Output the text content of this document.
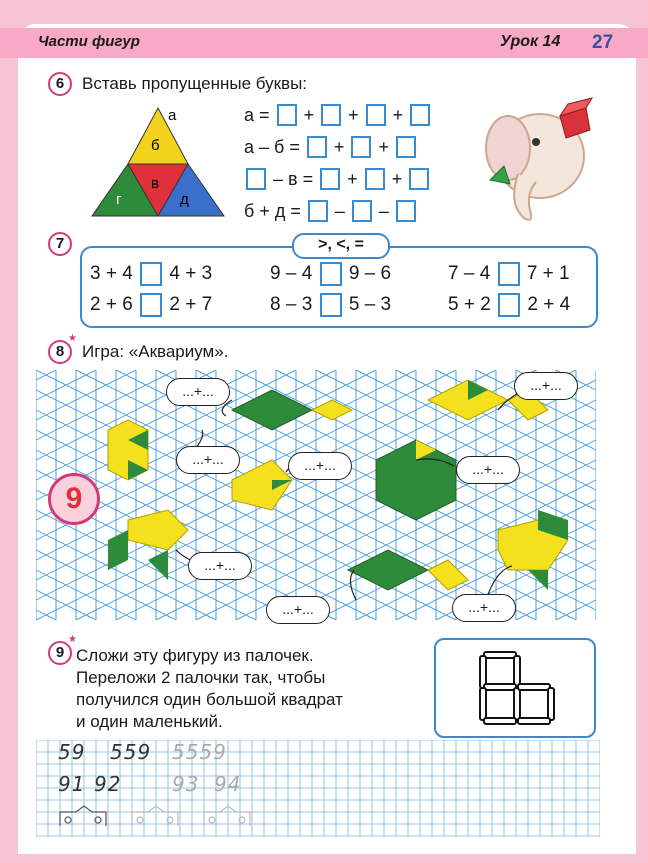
Части фигур	Урок 14 27
6	Вставь пропущенные буквы:
а
б
г
в
д
а = + + +
а – б = + +
– в = + +
б + д = – –
7	>, <, =
3 + 4 4 + 3	9 – 4 9 – 6	7 – 4 7 + 1
2 + 6 2 + 7	8 – 3 5 – 3	5 + 2 2 + 4
8
★
Игра: «Аквариум».
...+...	...+...
...+...	...+...	...+...
...+...
...+...	...+...
9
9
★
Сложи эту фигуру из палочек.
Переложи 2 палочки так, чтобы
получился один большой квадрат
и один маленький.
59 559 5559
91 92	93 94
